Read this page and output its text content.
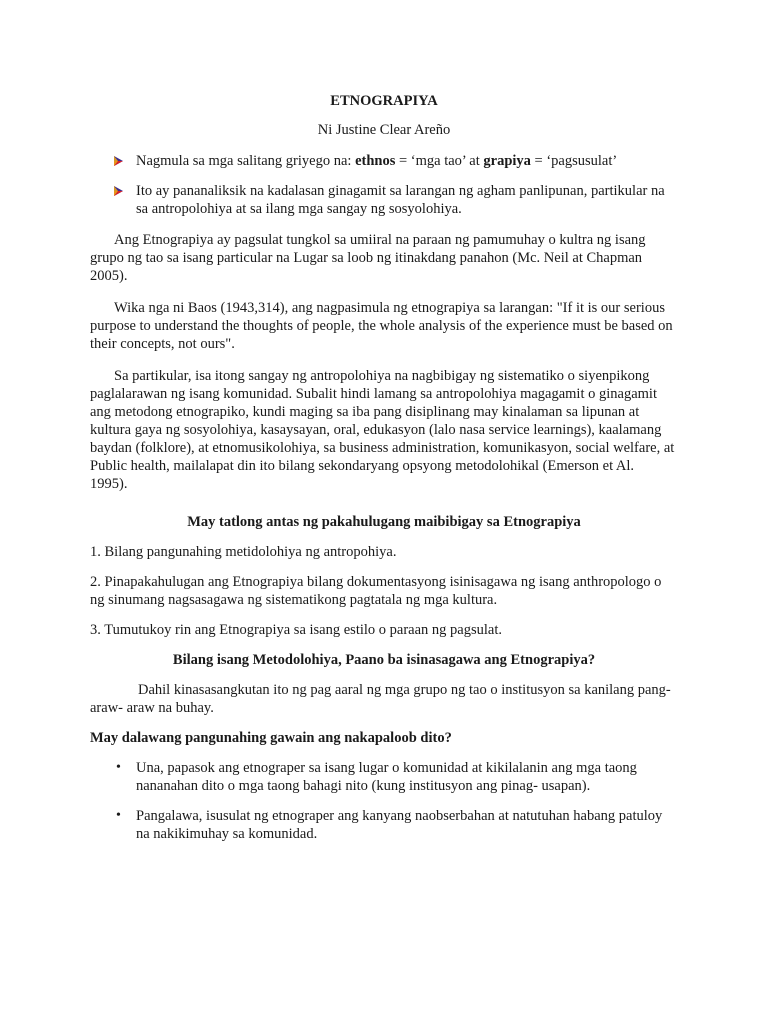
ETNOGRAPIYA
Ni Justine Clear Areño
Nagmula sa mga salitang griyego na: ethnos = ‘mga tao’ at grapiya = ‘pagsusulat’
Ito ay pananaliksik na kadalasan ginagamit sa larangan ng agham panlipunan, partikular na sa antropolohiya at sa ilang mga sangay ng sosyolohiya.
Ang Etnograpiya ay pagsulat tungkol sa umiiral na paraan ng pamumuhay o kultra ng isang grupo ng tao sa isang particular na Lugar sa loob ng itinakdang panahon (Mc. Neil at Chapman 2005).
Wika nga ni Baos (1943,314), ang nagpasimula ng etnograpiya sa larangan: "If it is our serious purpose to understand the thoughts of people, the whole analysis of the experience must be based on their concepts, not ours".
Sa partikular, isa itong sangay ng antropolohiya na nagbibigay ng sistematiko o siyenpikong paglalarawan ng isang komunidad. Subalit hindi lamang sa antropolohiya magagamit o ginagamit ang metodong etnograpiko, kundi maging sa iba pang disiplinang may kinalaman sa lipunan at kultura gaya ng sosyolohiya, kasaysayan, oral, edukasyon (lalo nasa service learnings), kaalamang baydan (folklore), at etnomusikolohiya, sa business administration, komunikasyon, social welfare, at Public health, mailalapat din ito bilang sekondaryang opsyong metodolohikal (Emerson et Al. 1995).
May tatlong antas ng pakahulugang maibibigay sa Etnograpiya
1. Bilang pangunahing metidolohiya ng antropohiya.
2. Pinapakahulugan ang Etnograpiya bilang dokumentasyong isinisagawa ng isang anthropologo o ng sinumang nagsasagawa ng sistematikong pagtatala ng mga kultura.
3. Tumutukoy rin ang Etnograpiya sa isang estilo o paraan ng pagsulat.
Bilang isang Metodolohiya, Paano ba isinasagawa ang Etnograpiya?
Dahil kinasasangkutan ito ng pag aaral ng mga grupo ng tao o institusyon sa kanilang pang- araw- araw na buhay.
May dalawang pangunahing gawain ang nakapaloob dito?
• Una, papasok ang etnograper sa isang lugar o komunidad at kikilalanin ang mga taong nananahan dito o mga taong bahagi nito (kung institusyon ang pinag- usapan).
• Pangalawa, isusulat ng etnograper ang kanyang naobserbahan at natutuhan habang patuloy na nakikimuhay sa komunidad.
